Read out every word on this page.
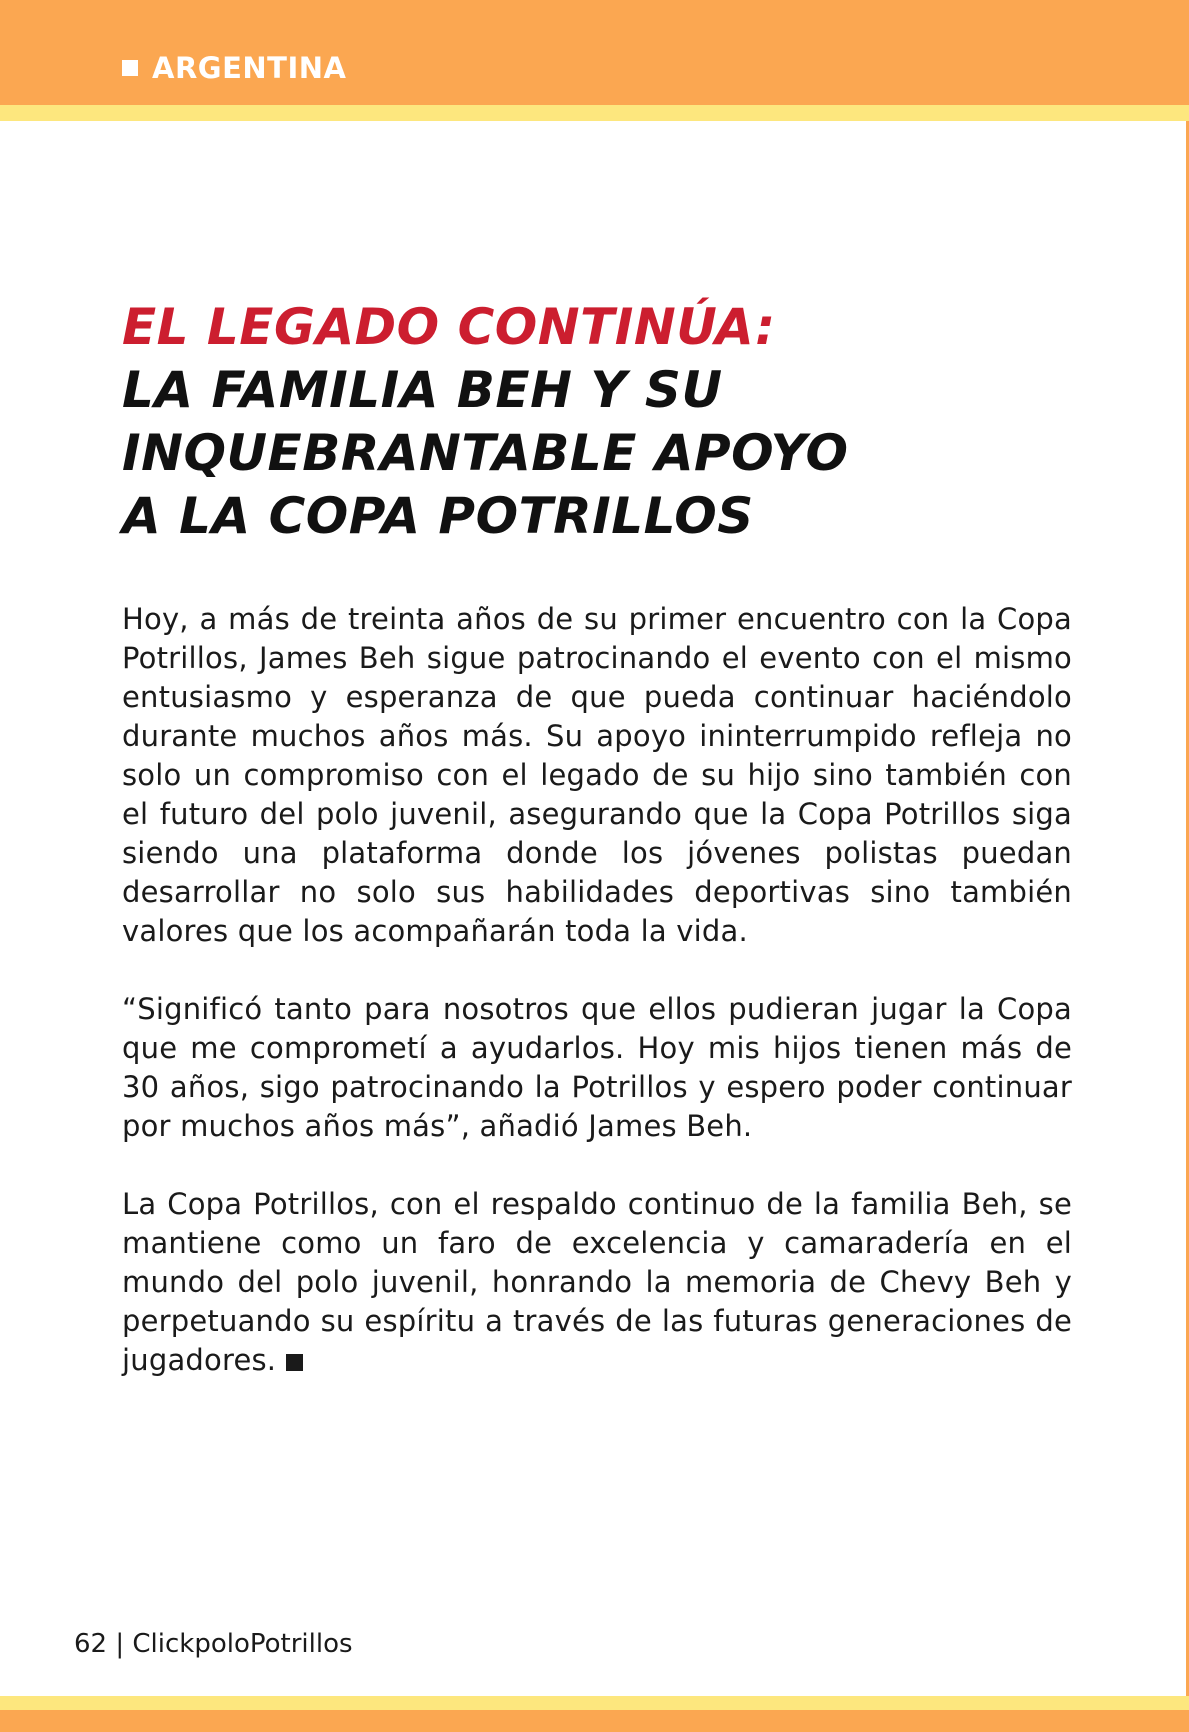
ARGENTINA
EL LEGADO CONTINÚA:
LA FAMILIA BEH Y SU
INQUEBRANTABLE APOYO
A LA COPA POTRILLOS

Hoy, a más de treinta años de su primer encuentro con la Copa Potrillos, James Beh sigue patrocinando el evento con el mismo entusiasmo y esperanza de que pueda continuar haciéndolo durante muchos años más. Su apoyo ininterrumpido refleja no solo un compromiso con el legado de su hijo sino también con el futuro del polo juvenil, asegurando que la Copa Potrillos siga siendo una plataforma donde los jóvenes polistas puedan desarrollar no solo sus habilidades deportivas sino también valores que los acompañarán toda la vida.

“Significó tanto para nosotros que ellos pudieran jugar la Copa que me comprometí a ayudarlos. Hoy mis hijos tienen más de 30 años, sigo patrocinando la Potrillos y espero poder continuar por muchos años más”, añadió James Beh.

La Copa Potrillos, con el respaldo continuo de la familia Beh, se mantiene como un faro de excelencia y camaradería en el mundo del polo juvenil, honrando la memoria de Chevy Beh y perpetuando su espíritu a través de las futuras generaciones de jugadores.

62 | ClickpoloPotrillos
